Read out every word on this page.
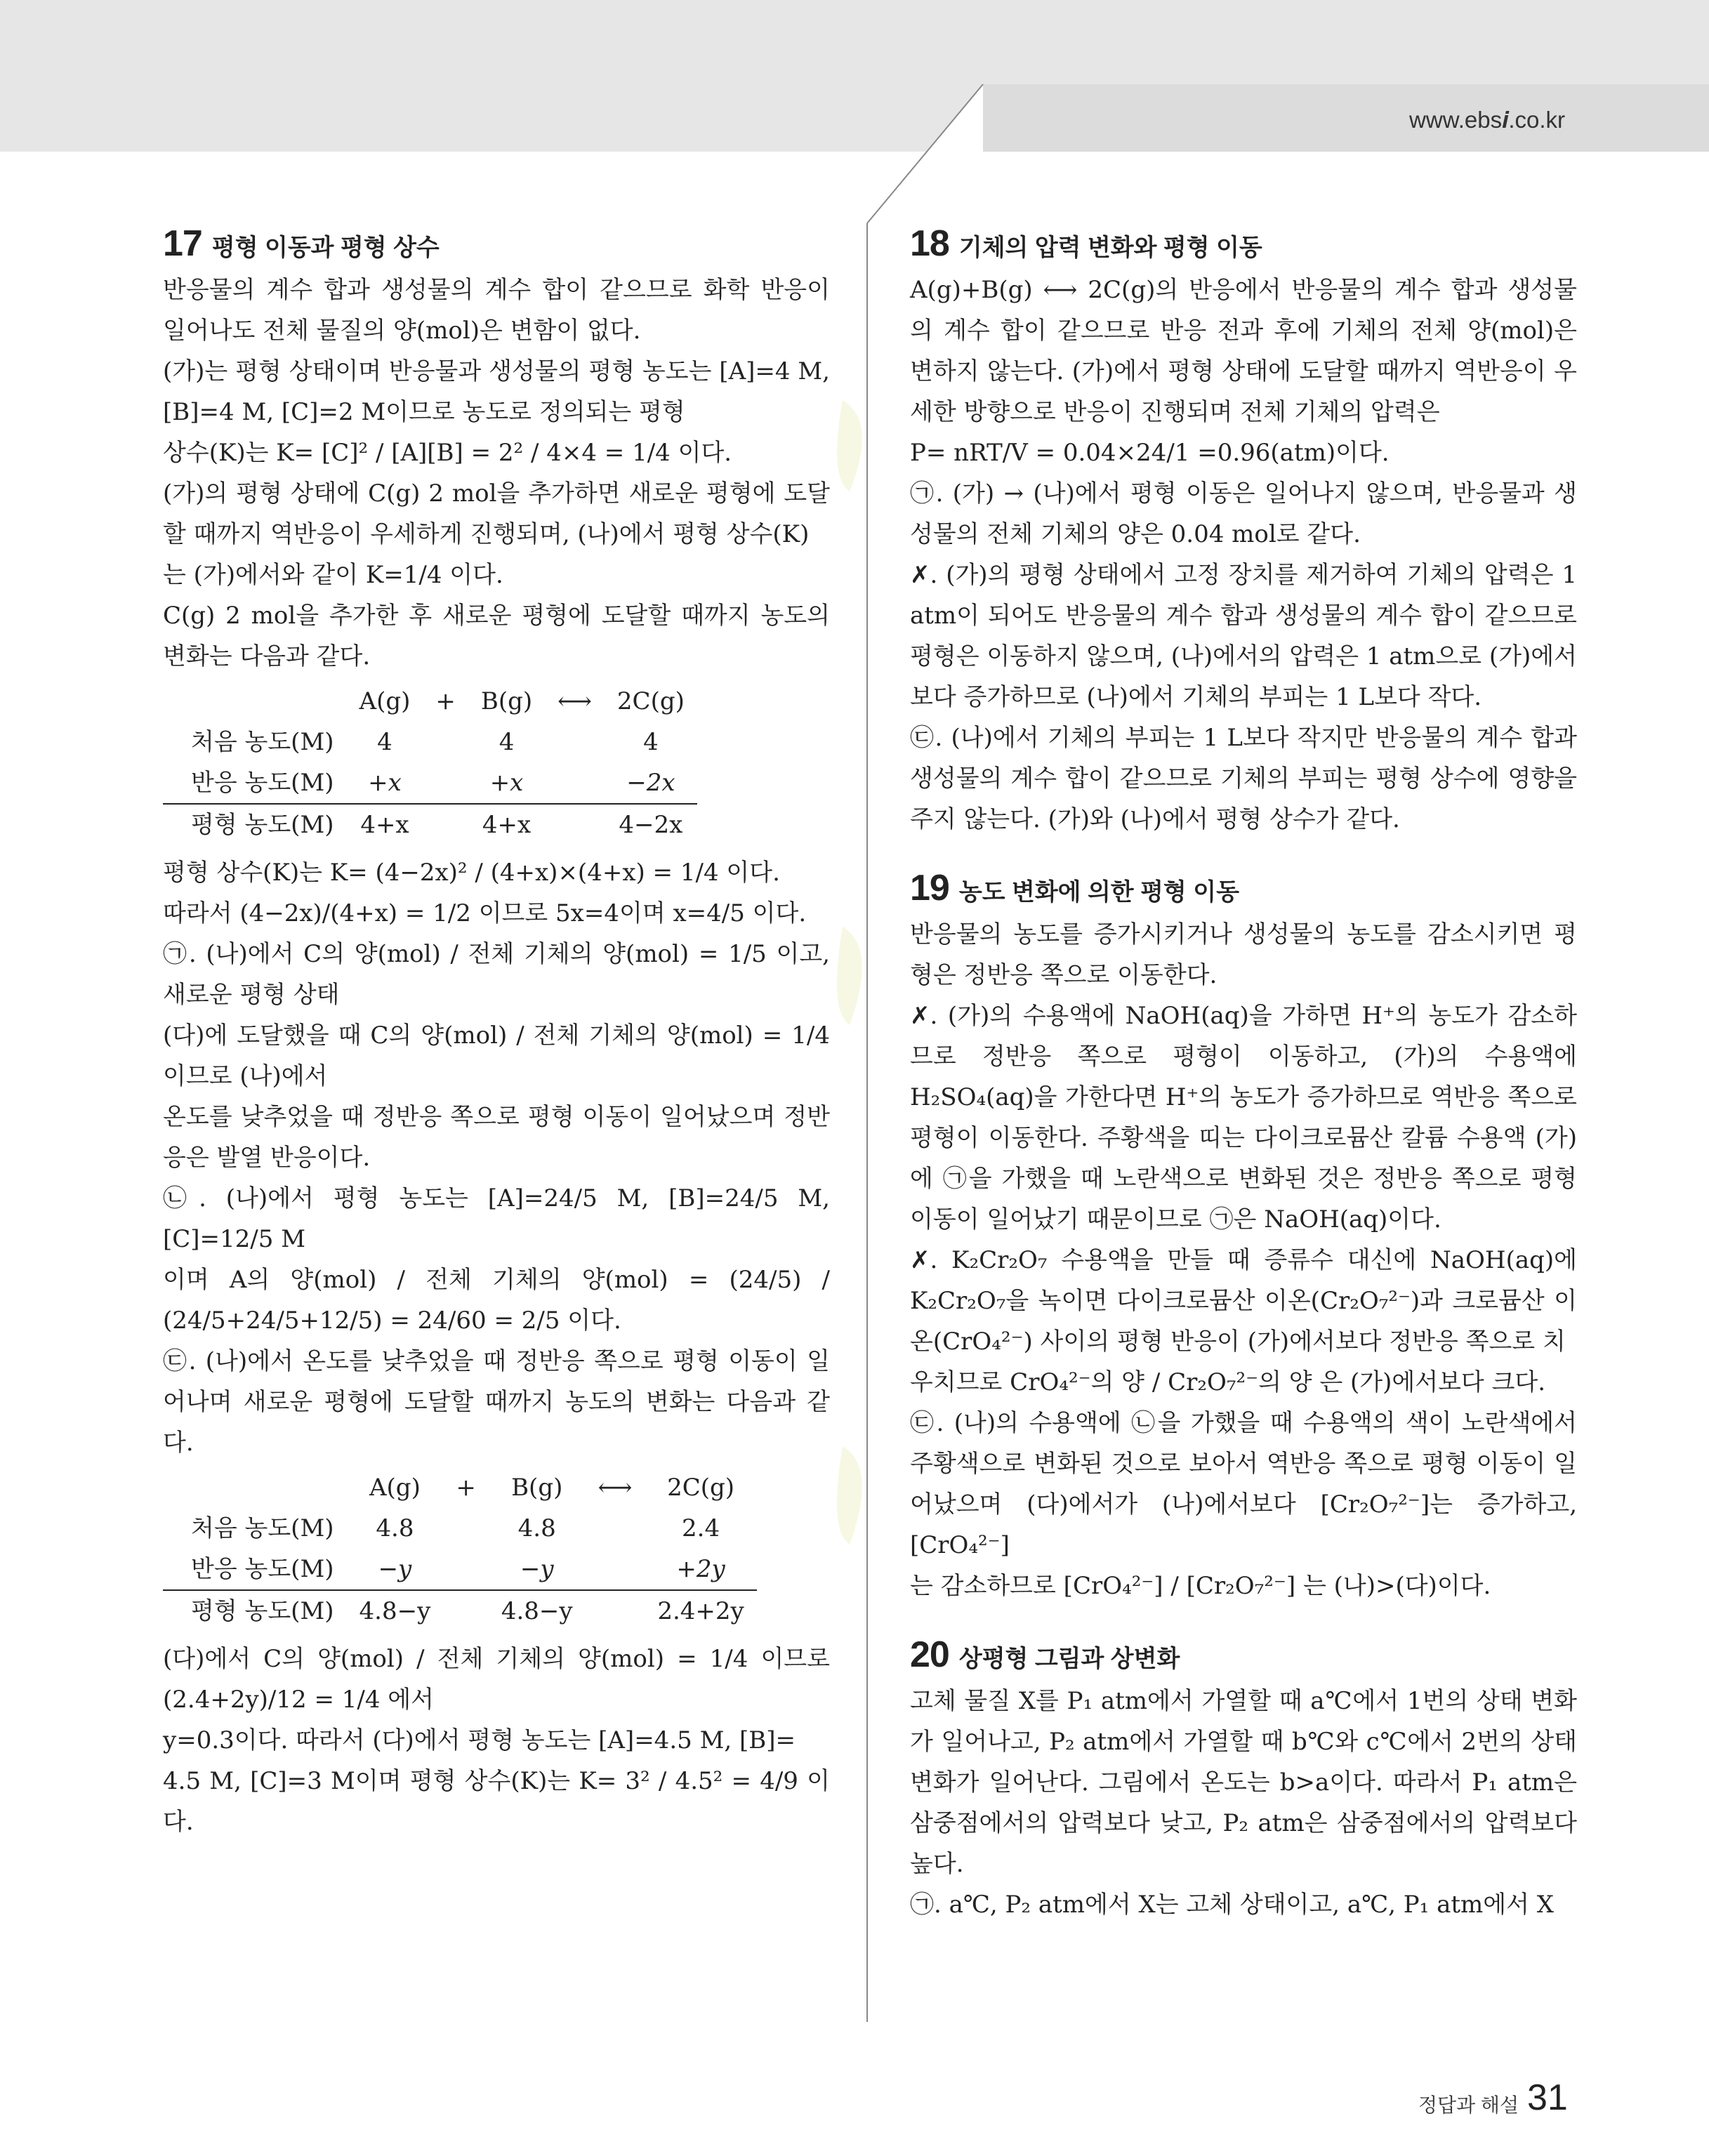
www.ebs𝒊.co.kr
17 평형 이동과 평형 상수

반응물의 계수 합과 생성물의 계수 합이 같으므로 화학 반응이 일어나도 전체 물질의 양(mol)은 변함이 없다.

(가)는 평형 상태이며 반응물과 생성물의 평형 농도는 [A]=4 M, [B]=4 M, [C]=2 M이므로 농도로 정의되는 평형

상수(K)는 K= [C]² / [A][B] = 2² / 4×4 = 1/4 이다.

(가)의 평형 상태에 C(g) 2 mol을 추가하면 새로운 평형에 도달할 때까지 역반응이 우세하게 진행되며, (나)에서 평형 상수(K)

는 (가)에서와 같이 K=1/4 이다.

C(g) 2 mol을 추가한 후 새로운 평형에 도달할 때까지 농도의 변화는 다음과 같다.

	A(g)	+	B(g)	⟷	2C(g)
처음 농도(M)	4		4		4
반응 농도(M)	+x		+x		−2x
평형 농도(M)	4+x		4+x		4−2x

평형 상수(K)는 K= (4−2x)² / (4+x)×(4+x) = 1/4 이다.

따라서 (4−2x)/(4+x) = 1/2 이므로 5x=4이며 x=4/5 이다.

㉠. (나)에서 C의 양(mol) / 전체 기체의 양(mol) = 1/5 이고, 새로운 평형 상태

(다)에 도달했을 때 C의 양(mol) / 전체 기체의 양(mol) = 1/4 이므로 (나)에서

온도를 낮추었을 때 정반응 쪽으로 평형 이동이 일어났으며 정반응은 발열 반응이다.

㉡. (나)에서 평형 농도는 [A]=24/5 M, [B]=24/5 M, [C]=12/5 M

이며 A의 양(mol) / 전체 기체의 양(mol) = (24/5) / (24/5+24/5+12/5) = 24/60 = 2/5 이다.

㉢. (나)에서 온도를 낮추었을 때 정반응 쪽으로 평형 이동이 일어나며 새로운 평형에 도달할 때까지 농도의 변화는 다음과 같다.

	A(g)	+	B(g)	⟷	2C(g)
처음 농도(M)	4.8		4.8		2.4
반응 농도(M)	−y		−y		+2y
평형 농도(M)	4.8−y		4.8−y		2.4+2y

(다)에서 C의 양(mol) / 전체 기체의 양(mol) = 1/4 이므로 (2.4+2y)/12 = 1/4 에서

y=0.3이다. 따라서 (다)에서 평형 농도는 [A]=4.5 M, [B]=

4.5 M, [C]=3 M이며 평형 상수(K)는 K= 3² / 4.5² = 4/9 이다.

18 기체의 압력 변화와 평형 이동

A(g)+B(g) ⟷ 2C(g)의 반응에서 반응물의 계수 합과 생성물의 계수 합이 같으므로 반응 전과 후에 기체의 전체 양(mol)은 변하지 않는다. (가)에서 평형 상태에 도달할 때까지 역반응이 우세한 방향으로 반응이 진행되며 전체 기체의 압력은

P= nRT/V = 0.04×24/1 =0.96(atm)이다.

㉠. (가) → (나)에서 평형 이동은 일어나지 않으며, 반응물과 생성물의 전체 기체의 양은 0.04 mol로 같다.

✗. (가)의 평형 상태에서 고정 장치를 제거하여 기체의 압력은 1 atm이 되어도 반응물의 계수 합과 생성물의 계수 합이 같으므로 평형은 이동하지 않으며, (나)에서의 압력은 1 atm으로 (가)에서보다 증가하므로 (나)에서 기체의 부피는 1 L보다 작다.

㉢. (나)에서 기체의 부피는 1 L보다 작지만 반응물의 계수 합과 생성물의 계수 합이 같으므로 기체의 부피는 평형 상수에 영향을 주지 않는다. (가)와 (나)에서 평형 상수가 같다.

19 농도 변화에 의한 평형 이동

반응물의 농도를 증가시키거나 생성물의 농도를 감소시키면 평형은 정반응 쪽으로 이동한다.

✗. (가)의 수용액에 NaOH(aq)을 가하면 H⁺의 농도가 감소하므로 정반응 쪽으로 평형이 이동하고, (가)의 수용액에 H₂SO₄(aq)을 가한다면 H⁺의 농도가 증가하므로 역반응 쪽으로 평형이 이동한다. 주황색을 띠는 다이크로뮴산 칼륨 수용액 (가)에 ㉠을 가했을 때 노란색으로 변화된 것은 정반응 쪽으로 평형 이동이 일어났기 때문이므로 ㉠은 NaOH(aq)이다.

✗. K₂Cr₂O₇ 수용액을 만들 때 증류수 대신에 NaOH(aq)에 K₂Cr₂O₇을 녹이면 다이크로뮴산 이온(Cr₂O₇²⁻)과 크로뮴산 이온(CrO₄²⁻) 사이의 평형 반응이 (가)에서보다 정반응 쪽으로 치

우치므로 CrO₄²⁻의 양 / Cr₂O₇²⁻의 양 은 (가)에서보다 크다.

㉢. (나)의 수용액에 ㉡을 가했을 때 수용액의 색이 노란색에서 주황색으로 변화된 것으로 보아서 역반응 쪽으로 평형 이동이 일어났으며 (다)에서가 (나)에서보다 [Cr₂O₇²⁻]는 증가하고, [CrO₄²⁻]

는 감소하므로 [CrO₄²⁻] / [Cr₂O₇²⁻] 는 (나)>(다)이다.

20 상평형 그림과 상변화

고체 물질 X를 P₁ atm에서 가열할 때 a℃에서 1번의 상태 변화가 일어나고, P₂ atm에서 가열할 때 b℃와 c℃에서 2번의 상태 변화가 일어난다. 그림에서 온도는 b>a이다. 따라서 P₁ atm은 삼중점에서의 압력보다 낮고, P₂ atm은 삼중점에서의 압력보다 높다.

㉠. a℃, P₂ atm에서 X는 고체 상태이고, a℃, P₁ atm에서 X

정답과 해설 31
